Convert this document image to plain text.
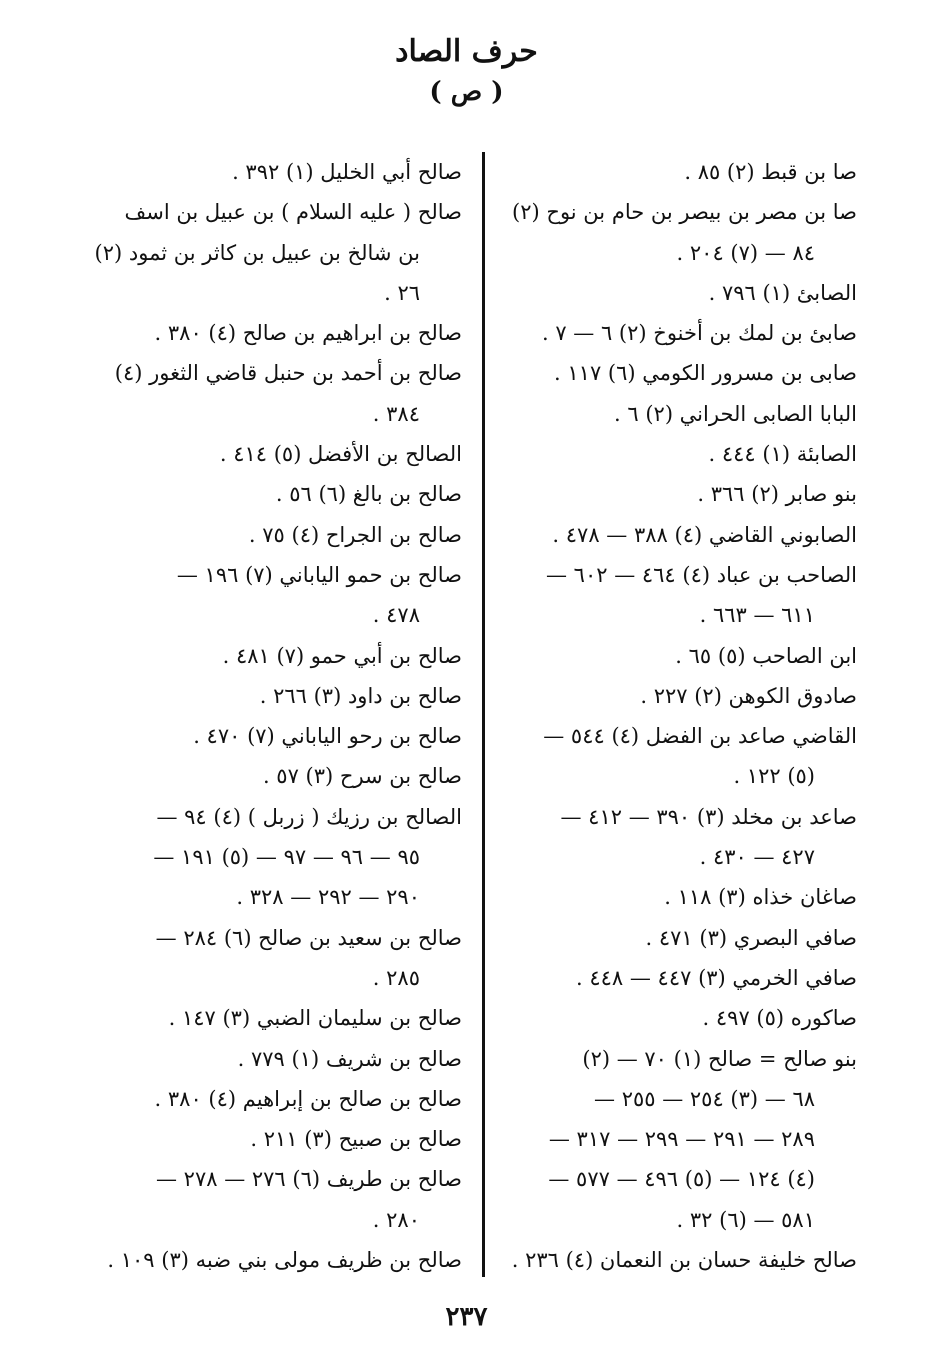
حرف الصاد
( ص )
صا بن قبط (٢) ٨٥ .
صا بن مصر بن بيصر بن حام بن نوح (٢)
٨٤ — (٧) ٢٠٤ .
الصابئ (١) ٧٩٦ .
صابئ بن لمك بن أخنوخ (٢) ٦ — ٧ .
صابى بن مسرور الكومي (٦) ١١٧ .
البابا الصابى الحراني (٢) ٦ .
الصابئة (١) ٤٤٤ .
بنو صابر (٢) ٣٦٦ .
الصابوني القاضي (٤) ٣٨٨ — ٤٧٨ .
الصاحب بن عباد (٤) ٤٦٤ — ٦٠٢ —
٦١١ — ٦٦٣ .
ابن الصاحب (٥) ٦٥ .
صادوق الكوهن (٢) ٢٢٧ .
القاضي صاعد بن الفضل (٤) ٥٤٤ —
(٥) ١٢٢ .
صاعد بن مخلد (٣) ٣٩٠ — ٤١٢ —
٤٢٧ — ٤٣٠ .
صاغان خذاه (٣) ١١٨ .
صافي البصري (٣) ٤٧١ .
صافي الخرمي (٣) ٤٤٧ — ٤٤٨ .
صاكوره (٥) ٤٩٧ .
بنو صالح = صالح (١) ٧٠ — (٢)
٦٨ — (٣) ٢٥٤ — ٢٥٥ —
٢٨٩ — ٢٩١ — ٢٩٩ — ٣١٧ —
(٤) ١٢٤ — (٥) ٤٩٦ — ٥٧٧ —
٥٨١ — (٦) ٣٢ .
صالح خليفة حسان بن النعمان (٤) ٢٣٦ .
صالح أبي الخليل (١) ٣٩٢ .
صالح ( عليه السلام ) بن عبيل بن اسف
بن شالخ بن عبيل بن كاثر بن ثمود (٢)
٢٦ .
صالح بن ابراهيم بن صالح (٤) ٣٨٠ .
صالح بن أحمد بن حنبل قاضي الثغور (٤)
٣٨٤ .
الصالح بن الأفضل (٥) ٤١٤ .
صالح بن بالغ (٦) ٥٦ .
صالح بن الجراح (٤) ٧٥ .
صالح بن حمو الياباني (٧) ١٩٦ —
٤٧٨ .
صالح بن أبي حمو (٧) ٤٨١ .
صالح بن داود (٣) ٢٦٦ .
صالح بن رحو الياباني (٧) ٤٧٠ .
صالح بن سرح (٣) ٥٧ .
الصالح بن رزيك ( زربل ) (٤) ٩٤ —
٩٥ — ٩٦ — ٩٧ — (٥) ١٩١ —
٢٩٠ — ٢٩٢ — ٣٢٨ .
صالح بن سعيد بن صالح (٦) ٢٨٤ —
٢٨٥ .
صالح بن سليمان الضبي (٣) ١٤٧ .
صالح بن شريف (١) ٧٧٩ .
صالح بن صالح بن إبراهيم (٤) ٣٨٠ .
صالح بن صبيح (٣) ٢١١ .
صالح بن طريف (٦) ٢٧٦ — ٢٧٨ —
٢٨٠ .
صالح بن ظريف مولى بني ضبه (٣) ١٠٩ .
٢٣٧
